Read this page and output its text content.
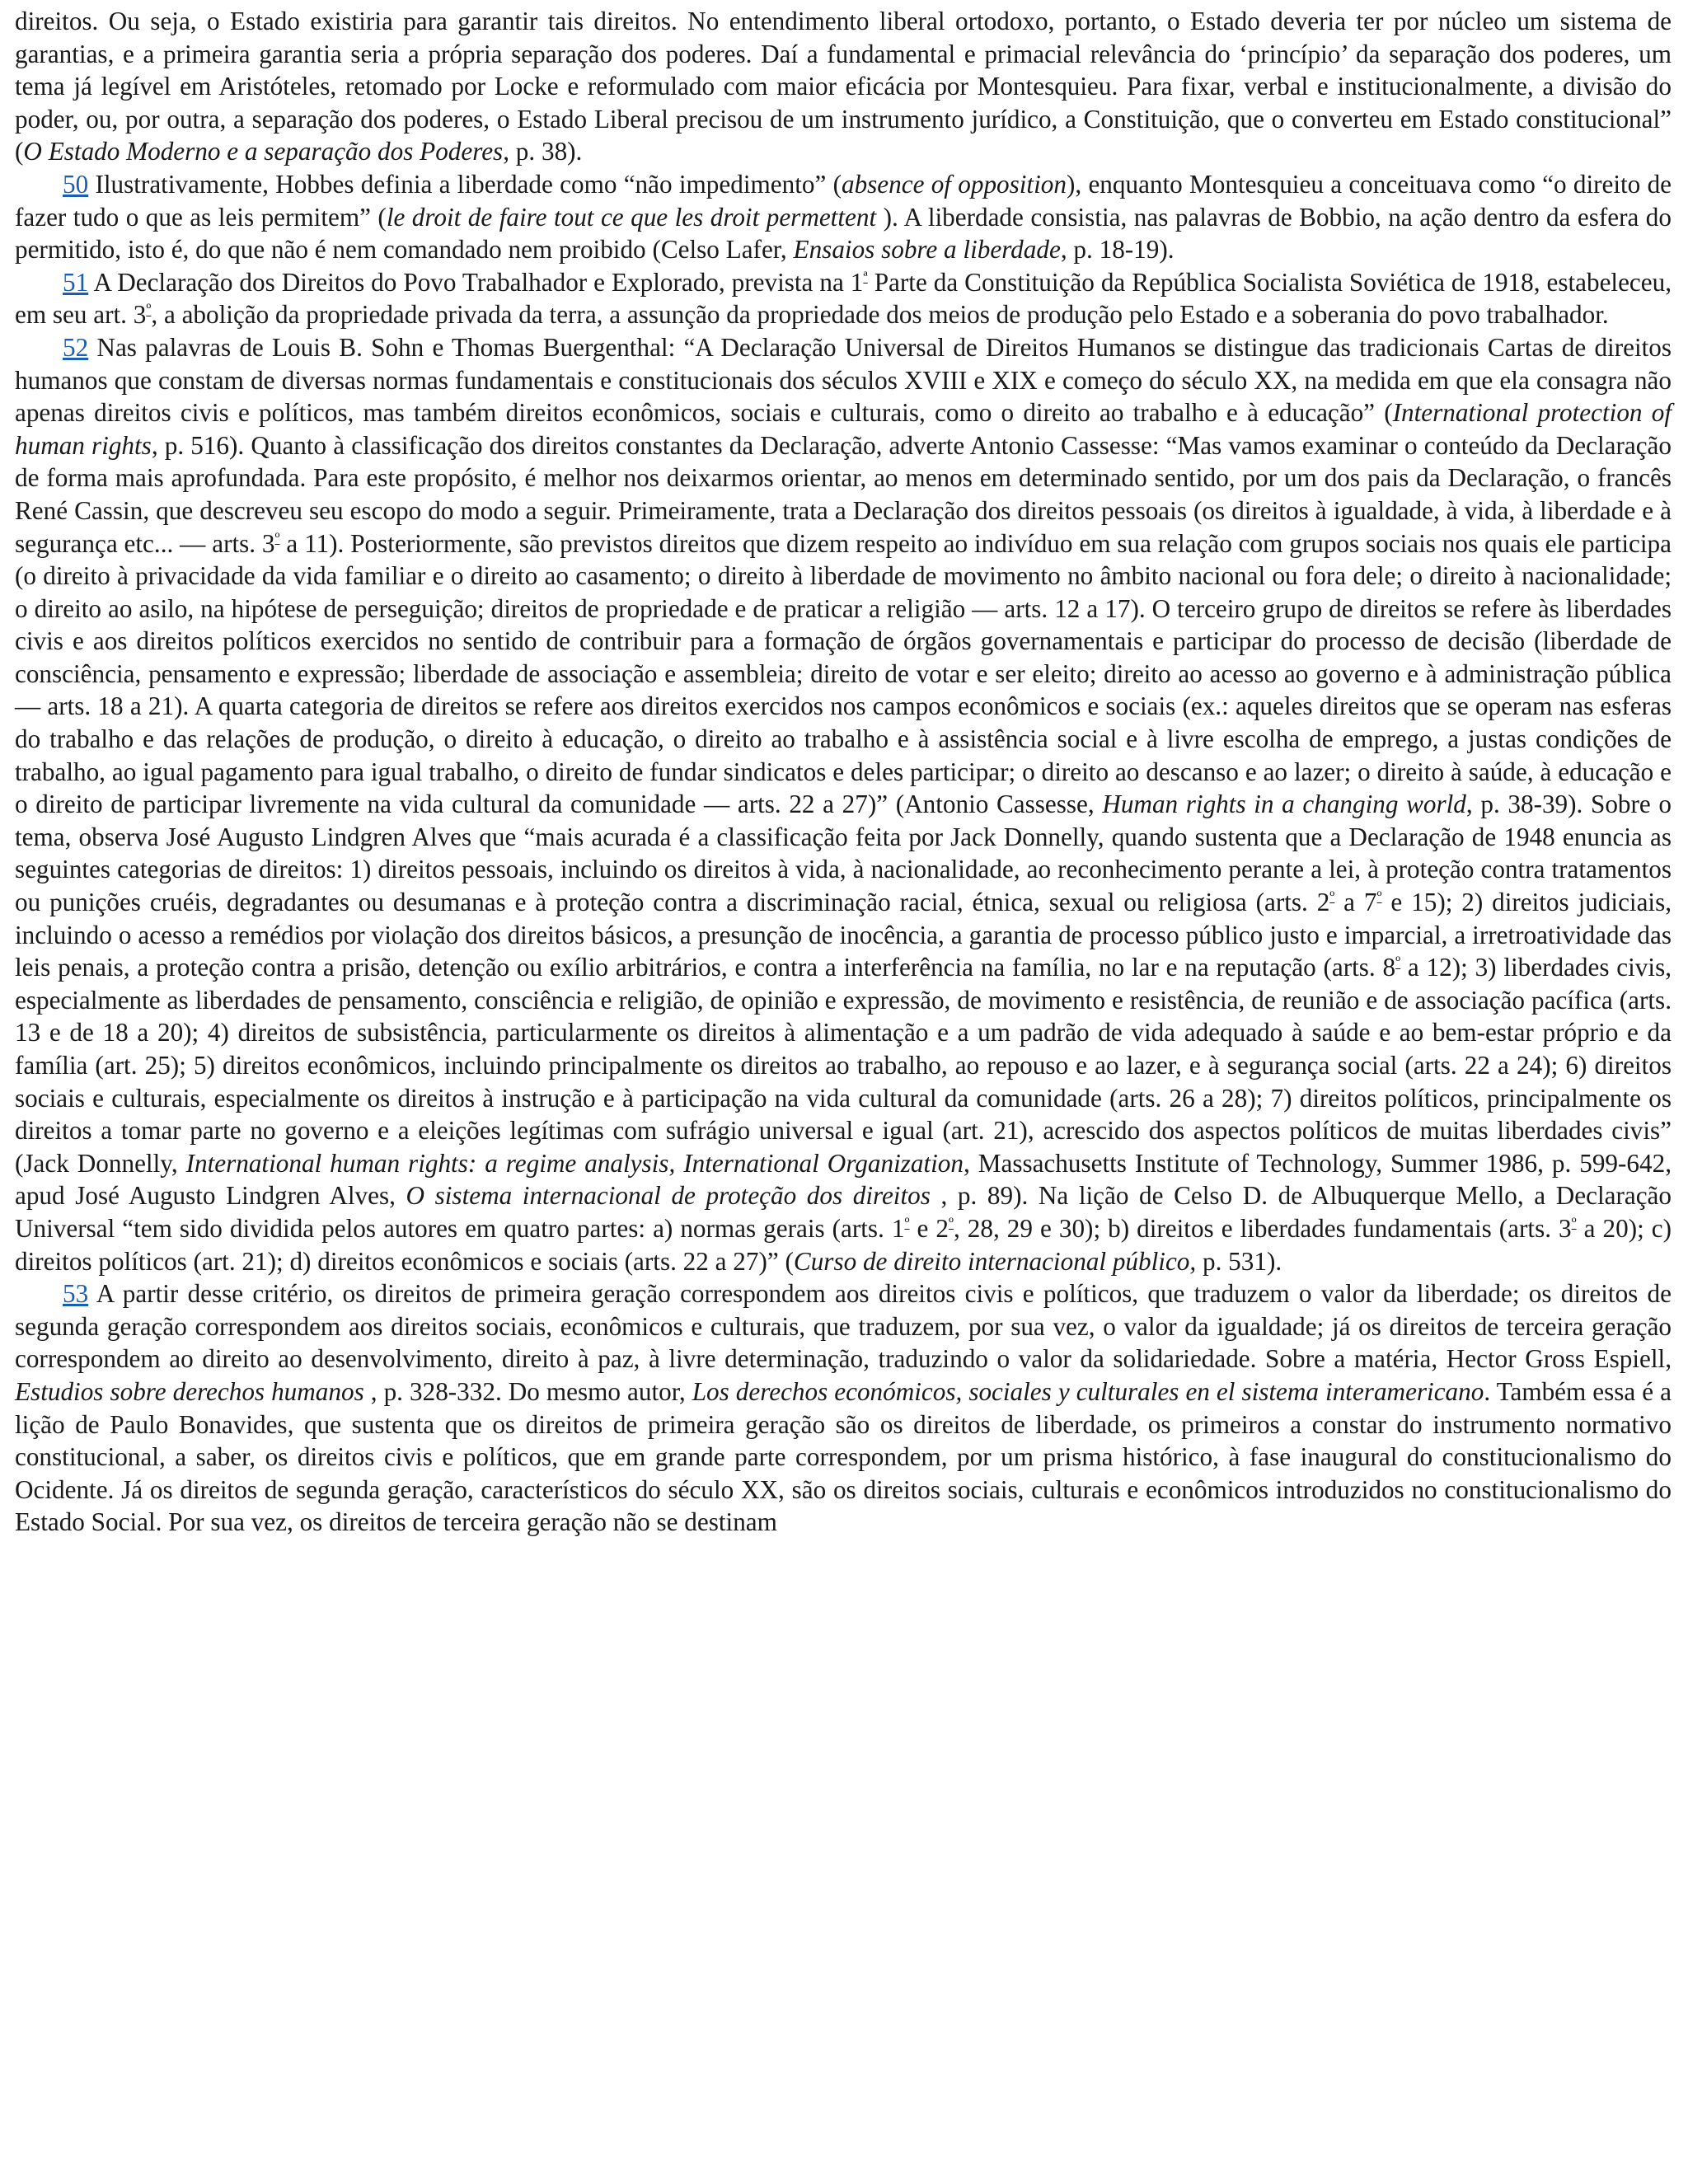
direitos. Ou seja, o Estado existiria para garantir tais direitos. No entendimento liberal ortodoxo, portanto, o Estado deveria ter por núcleo um sistema de garantias, e a primeira garantia seria a própria separação dos poderes. Daí a fundamental e primacial relevância do ‘princípio’ da separação dos poderes, um tema já legível em Aristóteles, retomado por Locke e reformulado com maior eficácia por Montesquieu. Para fixar, verbal e institucionalmente, a divisão do poder, ou, por outra, a separação dos poderes, o Estado Liberal precisou de um instrumento jurídico, a Constituição, que o converteu em Estado constitucional” (O Estado Moderno e a separação dos Poderes, p. 38).

50 Ilustrativamente, Hobbes definia a liberdade como “não impedimento” (absence of opposition), enquanto Montesquieu a conceituava como “o direito de fazer tudo o que as leis permitem” (le droit de faire tout ce que les droit permettent ). A liberdade consistia, nas palavras de Bobbio, na ação dentro da esfera do permitido, isto é, do que não é nem comandado nem proibido (Celso Lafer, Ensaios sobre a liberdade, p. 18-19).

51 A Declaração dos Direitos do Povo Trabalhador e Explorado, prevista na $1^ª$ Parte da Constituição da República Socialista Soviética de 1918, estabeleceu, em seu art. $3^º$, a abolição da propriedade privada da terra, a assunção da propriedade dos meios de produção pelo Estado e a soberania do povo trabalhador.

52 Nas palavras de Louis B. Sohn e Thomas Buergenthal: “A Declaração Universal de Direitos Humanos se distingue das tradicionais Cartas de direitos humanos que constam de diversas normas fundamentais e constitucionais dos séculos XVIII e XIX e começo do século XX, na medida em que ela consagra não apenas direitos civis e políticos, mas também direitos econômicos, sociais e culturais, como o direito ao trabalho e à educação” (International protection of human rights, p. 516). Quanto à classificação dos direitos constantes da Declaração, adverte Antonio Cassesse: “Mas vamos examinar o conteúdo da Declaração de forma mais aprofundada. Para este propósito, é melhor nos deixarmos orientar, ao menos em determinado sentido, por um dos pais da Declaração, o francês René Cassin, que descreveu seu escopo do modo a seguir. Primeiramente, trata a Declaração dos direitos pessoais (os direitos à igualdade, à vida, à liberdade e à segurança etc... — arts. $3^º$ a 11). Posteriormente, são previstos direitos que dizem respeito ao indivíduo em sua relação com grupos sociais nos quais ele participa (o direito à privacidade da vida familiar e o direito ao casamento; o direito à liberdade de movimento no âmbito nacional ou fora dele; o direito à nacionalidade; o direito ao asilo, na hipótese de perseguição; direitos de propriedade e de praticar a religião — arts. 12 a 17). O terceiro grupo de direitos se refere às liberdades civis e aos direitos políticos exercidos no sentido de contribuir para a formação de órgãos governamentais e participar do processo de decisão (liberdade de consciência, pensamento e expressão; liberdade de associação e assembleia; direito de votar e ser eleito; direito ao acesso ao governo e à administração pública — arts. 18 a 21). A quarta categoria de direitos se refere aos direitos exercidos nos campos econômicos e sociais (ex.: aqueles direitos que se operam nas esferas do trabalho e das relações de produção, o direito à educação, o direito ao trabalho e à assistência social e à livre escolha de emprego, a justas condições de trabalho, ao igual pagamento para igual trabalho, o direito de fundar sindicatos e deles participar; o direito ao descanso e ao lazer; o direito à saúde, à educação e o direito de participar livremente na vida cultural da comunidade — arts. 22 a 27)” (Antonio Cassesse, Human rights in a changing world, p. 38-39). Sobre o tema, observa José Augusto Lindgren Alves que “mais acurada é a classificação feita por Jack Donnelly, quando sustenta que a Declaração de 1948 enuncia as seguintes categorias de direitos: 1) direitos pessoais, incluindo os direitos à vida, à nacionalidade, ao reconhecimento perante a lei, à proteção contra tratamentos ou punições cruéis, degradantes ou desumanas e à proteção contra a discriminação racial, étnica, sexual ou religiosa (arts. $2^º$ a $7^º$ e 15); 2) direitos judiciais, incluindo o acesso a remédios por violação dos direitos básicos, a presunção de inocência, a garantia de processo público justo e imparcial, a irretroatividade das leis penais, a proteção contra a prisão, detenção ou exílio arbitrários, e contra a interferência na família, no lar e na reputação (arts. $8^º$ a 12); 3) liberdades civis, especialmente as liberdades de pensamento, consciência e religião, de opinião e expressão, de movimento e resistência, de reunião e de associação pacífica (arts. 13 e de 18 a 20); 4) direitos de subsistência, particularmente os direitos à alimentação e a um padrão de vida adequado à saúde e ao bem-estar próprio e da família (art. 25); 5) direitos econômicos, incluindo principalmente os direitos ao trabalho, ao repouso e ao lazer, e à segurança social (arts. 22 a 24); 6) direitos sociais e culturais, especialmente os direitos à instrução e à participação na vida cultural da comunidade (arts. 26 a 28); 7) direitos políticos, principalmente os direitos a tomar parte no governo e a eleições legítimas com sufrágio universal e igual (art. 21), acrescido dos aspectos políticos de muitas liberdades civis” (Jack Donnelly, International human rights: a regime analysis, International Organization, Massachusetts Institute of Technology, Summer 1986, p. 599-642, apud José Augusto Lindgren Alves, O sistema internacional de proteção dos direitos , p. 89). Na lição de Celso D. de Albuquerque Mello, a Declaração Universal “tem sido dividida pelos autores em quatro partes: a) normas gerais (arts. $1^º$ e $2^º$, 28, 29 e 30); b) direitos e liberdades fundamentais (arts. $3^º$ a 20); c) direitos políticos (art. 21); d) direitos econômicos e sociais (arts. 22 a 27)” (Curso de direito internacional público, p. 531).

53 A partir desse critério, os direitos de primeira geração correspondem aos direitos civis e políticos, que traduzem o valor da liberdade; os direitos de segunda geração correspondem aos direitos sociais, econômicos e culturais, que traduzem, por sua vez, o valor da igualdade; já os direitos de terceira geração correspondem ao direito ao desenvolvimento, direito à paz, à livre determinação, traduzindo o valor da solidariedade. Sobre a matéria, Hector Gross Espiell, Estudios sobre derechos humanos , p. 328-332. Do mesmo autor, Los derechos económicos, sociales y culturales en el sistema interamericano. Também essa é a lição de Paulo Bonavides, que sustenta que os direitos de primeira geração são os direitos de liberdade, os primeiros a constar do instrumento normativo constitucional, a saber, os direitos civis e políticos, que em grande parte correspondem, por um prisma histórico, à fase inaugural do constitucionalismo do Ocidente. Já os direitos de segunda geração, característicos do século XX, são os direitos sociais, culturais e econômicos introduzidos no constitucionalismo do Estado Social. Por sua vez, os direitos de terceira geração não se destinam
